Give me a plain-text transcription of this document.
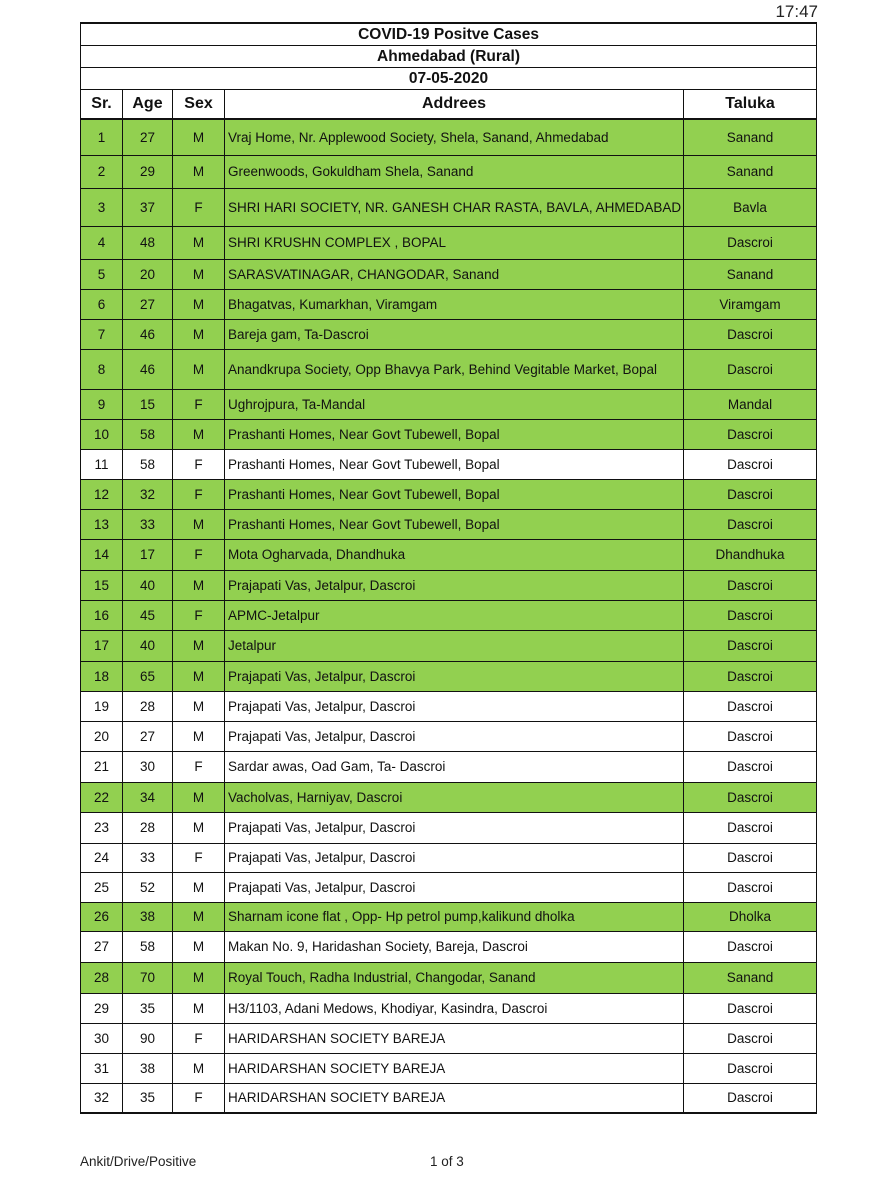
17:47
COVID-19 Positve Cases				
Ahmedabad (Rural)				
07-05-2020				
Sr.	Age	Sex	Addrees	Taluka
1	27	M	Vraj Home, Nr. Applewood Society, Shela, Sanand, Ahmedabad	Sanand
2	29	M	Greenwoods, Gokuldham Shela, Sanand	Sanand
3	37	F	SHRI HARI SOCIETY, NR. GANESH CHAR RASTA, BAVLA, AHMEDABAD	Bavla
4	48	M	SHRI KRUSHN COMPLEX , BOPAL	Dascroi
5	20	M	SARASVATINAGAR, CHANGODAR, Sanand	Sanand
6	27	M	Bhagatvas, Kumarkhan, Viramgam	Viramgam
7	46	M	Bareja gam, Ta-Dascroi	Dascroi
8	46	M	Anandkrupa Society, Opp Bhavya Park, Behind Vegitable Market, Bopal	Dascroi
9	15	F	Ughrojpura, Ta-Mandal	Mandal
10	58	M	Prashanti Homes, Near Govt Tubewell, Bopal	Dascroi
11	58	F	Prashanti Homes, Near Govt Tubewell, Bopal	Dascroi
12	32	F	Prashanti Homes, Near Govt Tubewell, Bopal	Dascroi
13	33	M	Prashanti Homes, Near Govt Tubewell, Bopal	Dascroi
14	17	F	Mota Ogharvada, Dhandhuka	Dhandhuka
15	40	M	Prajapati Vas, Jetalpur, Dascroi	Dascroi
16	45	F	APMC-Jetalpur	Dascroi
17	40	M	Jetalpur	Dascroi
18	65	M	Prajapati Vas, Jetalpur, Dascroi	Dascroi
19	28	M	Prajapati Vas, Jetalpur, Dascroi	Dascroi
20	27	M	Prajapati Vas, Jetalpur, Dascroi	Dascroi
21	30	F	Sardar awas, Oad Gam, Ta- Dascroi	Dascroi
22	34	M	Vacholvas, Harniyav, Dascroi	Dascroi
23	28	M	Prajapati Vas, Jetalpur, Dascroi	Dascroi
24	33	F	Prajapati Vas, Jetalpur, Dascroi	Dascroi
25	52	M	Prajapati Vas, Jetalpur, Dascroi	Dascroi
26	38	M	Sharnam icone flat , Opp- Hp petrol pump,kalikund dholka	Dholka
27	58	M	Makan No. 9, Haridashan Society, Bareja, Dascroi	Dascroi
28	70	M	Royal Touch, Radha Industrial, Changodar, Sanand	Sanand
29	35	M	H3/1103, Adani Medows, Khodiyar, Kasindra, Dascroi	Dascroi
30	90	F	HARIDARSHAN SOCIETY BAREJA	Dascroi
31	38	M	HARIDARSHAN SOCIETY BAREJA	Dascroi
32	35	F	HARIDARSHAN SOCIETY BAREJA	Dascroi
Ankit/Drive/Positive	1 of 3
